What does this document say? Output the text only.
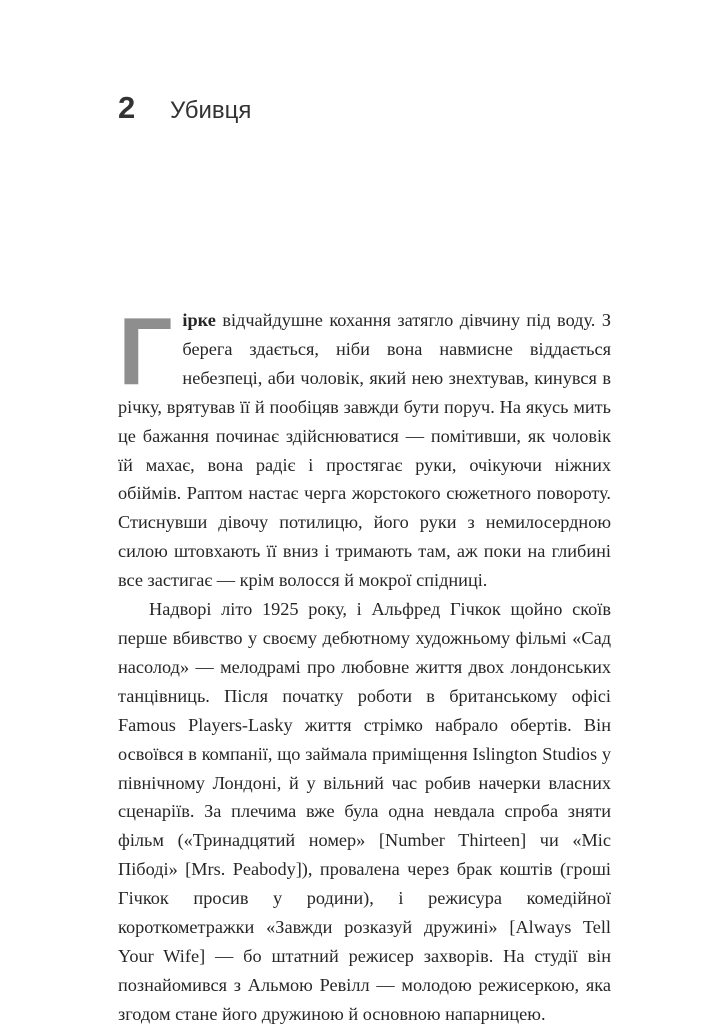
2	Убивця

Гірке відчайдушне кохання затягло дівчину під воду. З берега здається, ніби вона навмисне віддається небезпеці, аби чоловік, який нею знехтував, кинувся в річку, врятував її й пообіцяв завжди бути поруч. На якусь мить це бажання починає здійснюватися — помітивши, як чоловік їй махає, вона радіє і простягає руки, очікуючи ніжних обіймів. Раптом настає черга жорстокого сюжетного повороту. Стиснувши дівочу потилицю, його руки з немилосердною силою штовхають її вниз і тримають там, аж поки на глибині все застигає — крім волосся й мокрої спідниці.

Надворі літо 1925 року, і Альфред Гічкок щойно скоїв перше вбивство у своєму дебютному художньому фільмі «Сад насолод» — мелодрамі про любовне життя двох лондонських танцівниць. Після початку роботи в британському офісі Famous Players-Lasky життя стрімко набрало обертів. Він освоївся в компанії, що займала приміщення Islington Studios у північному Лондоні, й у вільний час робив начерки власних сценаріїв. За плечима вже була одна невдала спроба зняти фільм («Тринадцятий номер» [Number Thirteen] чи «Міс Пібоді» [Mrs. Peabody]), провалена через брак коштів (гроші Гічкок просив у родини), і режисура комедійної короткометражки «Завжди розказуй дружині» [Always Tell Your Wife] — бо штатний режисер захворів. На студії він познайомився з Альмою Ревілл — молодою режисеркою, яка згодом стане його дружиною й основною напарницею.
